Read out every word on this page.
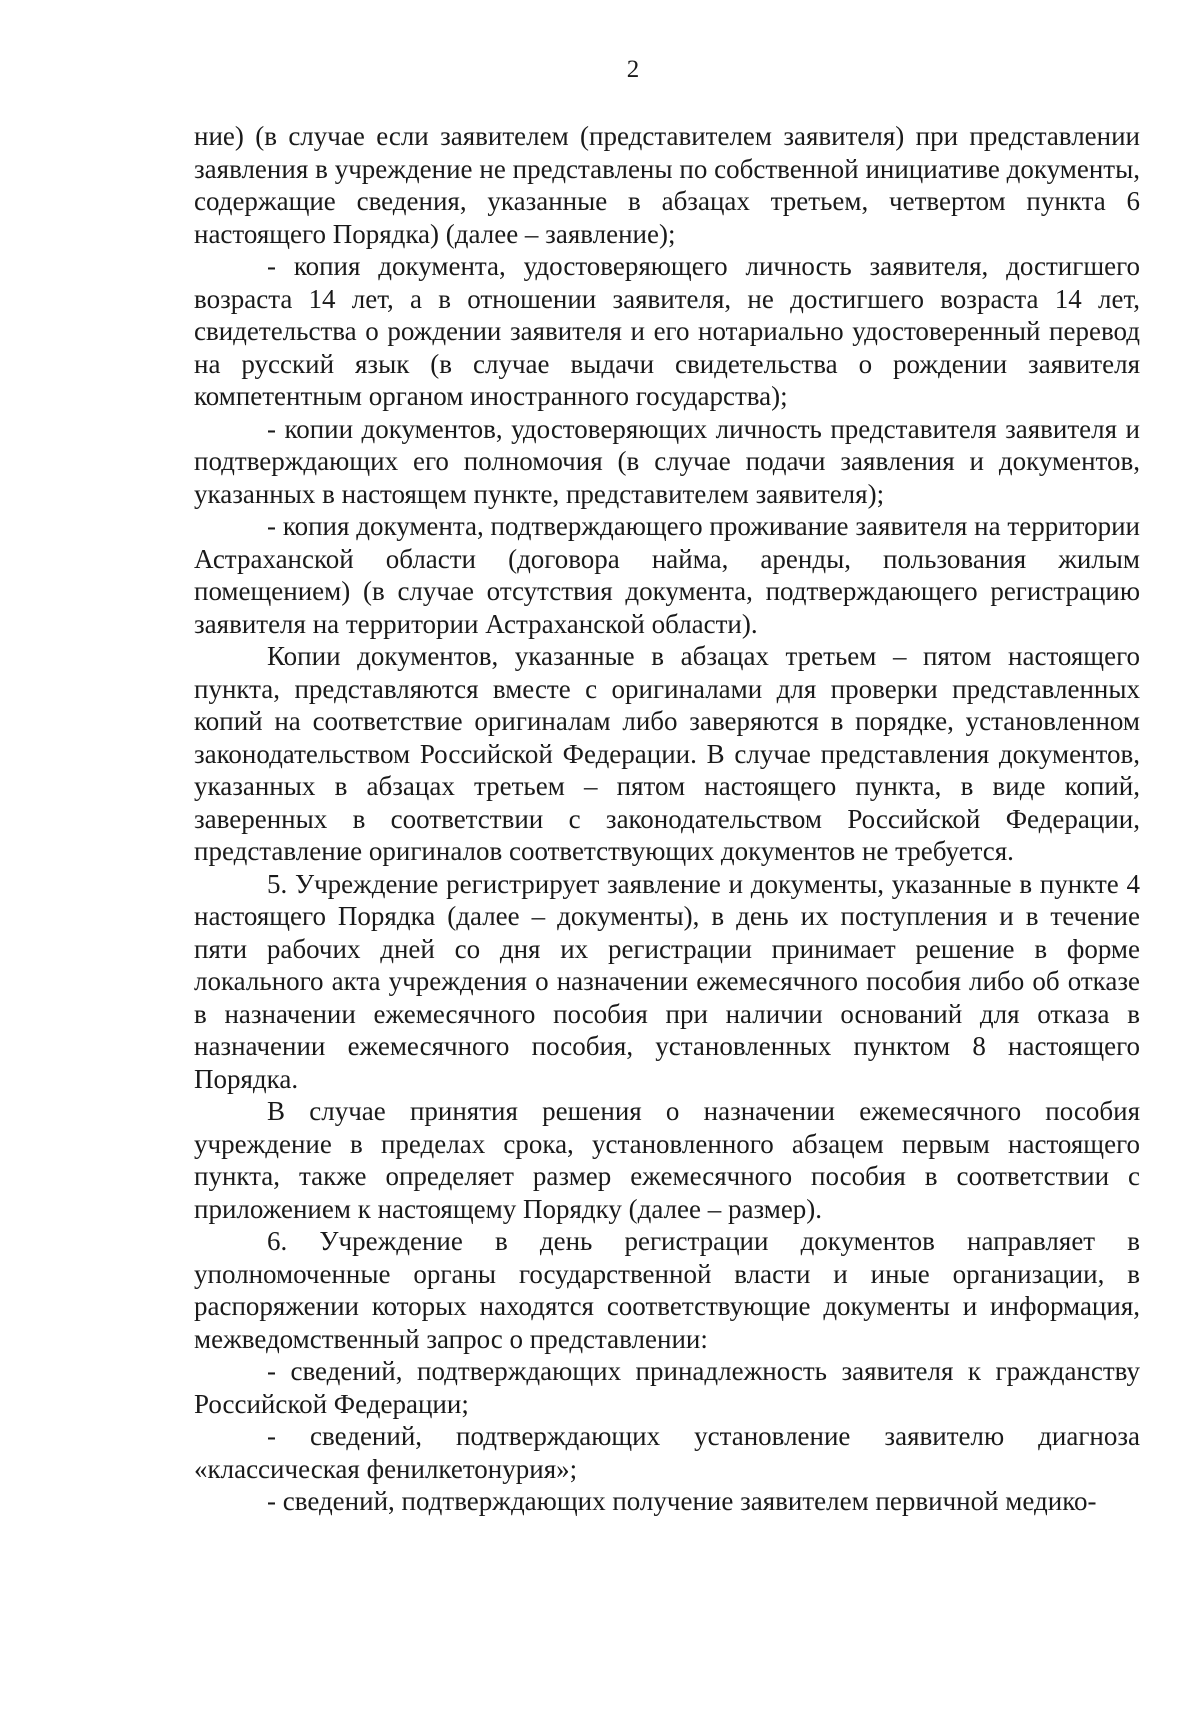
2

ние) (в случае если заявителем (представителем заявителя) при представлении заявления в учреждение не представлены по собственной инициативе документы, содержащие сведения, указанные в абзацах третьем, четвертом пункта 6 настоящего Порядка) (далее – заявление);

- копия документа, удостоверяющего личность заявителя, достигшего возраста 14 лет, а в отношении заявителя, не достигшего возраста 14 лет, свидетельства о рождении заявителя и его нотариально удостоверенный перевод на русский язык (в случае выдачи свидетельства о рождении заявителя компетентным органом иностранного государства);

- копии документов, удостоверяющих личность представителя заявителя и подтверждающих его полномочия (в случае подачи заявления и документов, указанных в настоящем пункте, представителем заявителя);

- копия документа, подтверждающего проживание заявителя на территории Астраханской области (договора найма, аренды, пользования жилым помещением) (в случае отсутствия документа, подтверждающего регистрацию заявителя на территории Астраханской области).

Копии документов, указанные в абзацах третьем – пятом настоящего пункта, представляются вместе с оригиналами для проверки представленных копий на соответствие оригиналам либо заверяются в порядке, установленном законодательством Российской Федерации. В случае представления документов, указанных в абзацах третьем – пятом настоящего пункта, в виде копий, заверенных в соответствии с законодательством Российской Федерации, представление оригиналов соответствующих документов не требуется.

5. Учреждение регистрирует заявление и документы, указанные в пункте 4 настоящего Порядка (далее – документы), в день их поступления и в течение пяти рабочих дней со дня их регистрации принимает решение в форме локального акта учреждения о назначении ежемесячного пособия либо об отказе в назначении ежемесячного пособия при наличии оснований для отказа в назначении ежемесячного пособия, установленных пунктом 8 настоящего Порядка.

В случае принятия решения о назначении ежемесячного пособия учреждение в пределах срока, установленного абзацем первым настоящего пункта, также определяет размер ежемесячного пособия в соответствии с приложением к настоящему Порядку (далее – размер).

6. Учреждение в день регистрации документов направляет в уполномоченные органы государственной власти и иные организации, в распоряжении которых находятся соответствующие документы и информация, межведомственный запрос о представлении:

- сведений, подтверждающих принадлежность заявителя к гражданству Российской Федерации;

- сведений, подтверждающих установление заявителю диагноза «классическая фенилкетонурия»;

- сведений, подтверждающих получение заявителем первичной медико-
